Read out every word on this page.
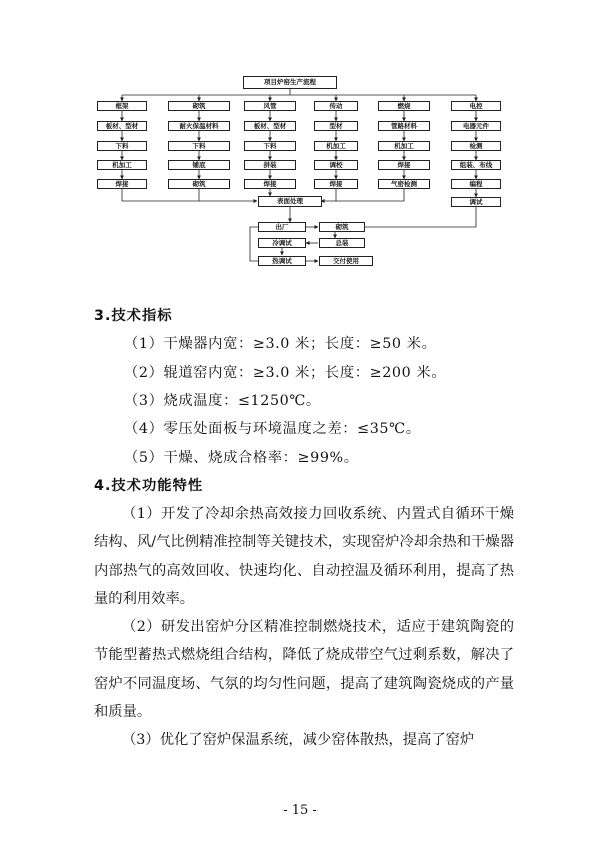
项目炉窑生产流程
框架
板材、型材
下料
机加工
焊接
砌筑
耐火保温材料
下料
铺底
砌筑
风管
板材、型材
下料
拼装
焊接
传动
型材
机加工
调校
焊接
燃烧
管路材料
机加工
焊接
气密检测
电控
电器元件
检测
组装、布线
编程
调试
表面处理
出厂	砌筑
冷调试	总装
热调试	交付使用
3.技术指标
（1）干燥器内宽：≥3.0 米；长度：≥50 米。
（2）辊道窑内宽：≥3.0 米；长度：≥200 米。
（3）烧成温度：≤1250℃。
（4）零压处面板与环境温度之差：≤35℃。
（5）干燥、烧成合格率：≥99%。
4.技术功能特性

（1）开发了冷却余热高效接力回收系统、内置式自循环干燥结构、风/气比例精准控制等关键技术，实现窑炉冷却余热和干燥器内部热气的高效回收、快速均化、自动控温及循环利用，提高了热量的利用效率。

（2）研发出窑炉分区精准控制燃烧技术，适应于建筑陶瓷的节能型蓄热式燃烧组合结构，降低了烧成带空气过剩系数，解决了窑炉不同温度场、气氛的均匀性问题，提高了建筑陶瓷烧成的产量和质量。

（3）优化了窑炉保温系统，减少窑体散热，提高了窑炉

- 15 -
